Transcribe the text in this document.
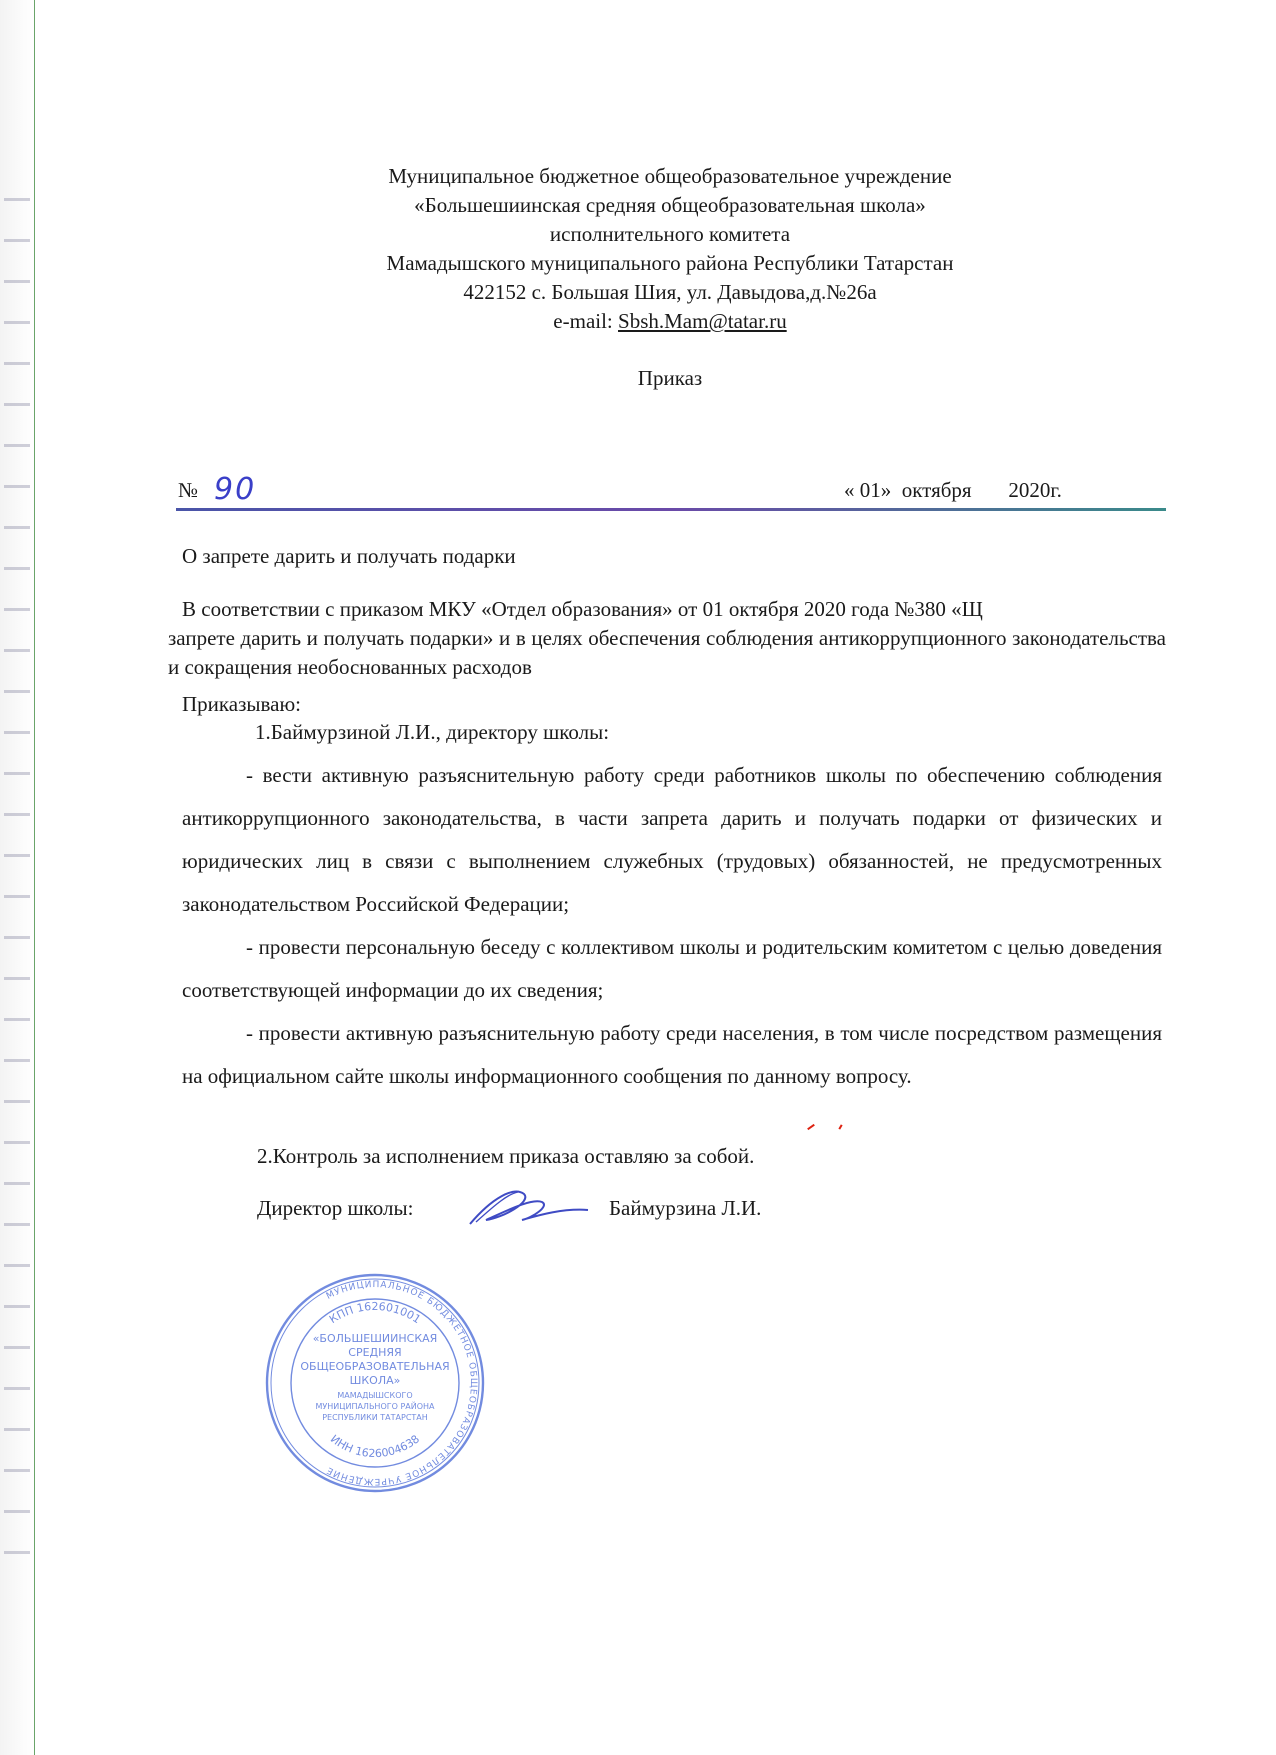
Муниципальное бюджетное общеобразовательное учреждение
«Большешиинская средняя общеобразовательная школа»
исполнительного комитета
Мамадышского муниципального района Республики Татарстан
422152 с. Большая Шия, ул. Давыдова,д.№26а
e-mail: Sbsh.Mam@tatar.ru
Приказ
№ 90	« 01»  октября       2020г.
О запрете дарить и получать подарки
В соответствии с приказом МКУ «Отдел образования» от 01 октября 2020 года №380 «Щ
запрете дарить и получать подарки» и в целях обеспечения соблюдения антикоррупционного законодательства и сокращения необоснованных расходов
Приказываю:
1.Баймурзиной Л.И., директору школы:

- вести активную разъяснительную работу среди работников школы по обеспечению соблюдения антикоррупционного законодательства, в части запрета дарить и получать подарки от физических и юридических лиц в связи с выполнением служебных (трудовых) обязанностей, не предусмотренных законодательством Российской Федерации;

- провести персональную беседу с коллективом школы и родительским комитетом с целью доведения соответствующей информации до их сведения;

- провести активную разъяснительную работу среди населения, в том числе посредством размещения на официальном сайте школы информационного сообщения по данному вопросу.

2.Контроль за исполнением приказа оставляю за собой.
Директор школы:	Баймурзина Л.И.
МУНИЦИПАЛЬНОЕ БЮДЖЕТНОЕ ОБЩЕОБРАЗОВАТЕЛЬНОЕ УЧРЕЖДЕНИЕ
КПП 162601001
ИНН 1626004638
«БОЛЬШЕШИИНСКАЯ
СРЕДНЯЯ
ОБЩЕОБРАЗОВАТЕЛЬНАЯ
ШКОЛА»
МАМАДЫШСКОГО
МУНИЦИПАЛЬНОГО РАЙОНА
РЕСПУБЛИКИ ТАТАРСТАН
